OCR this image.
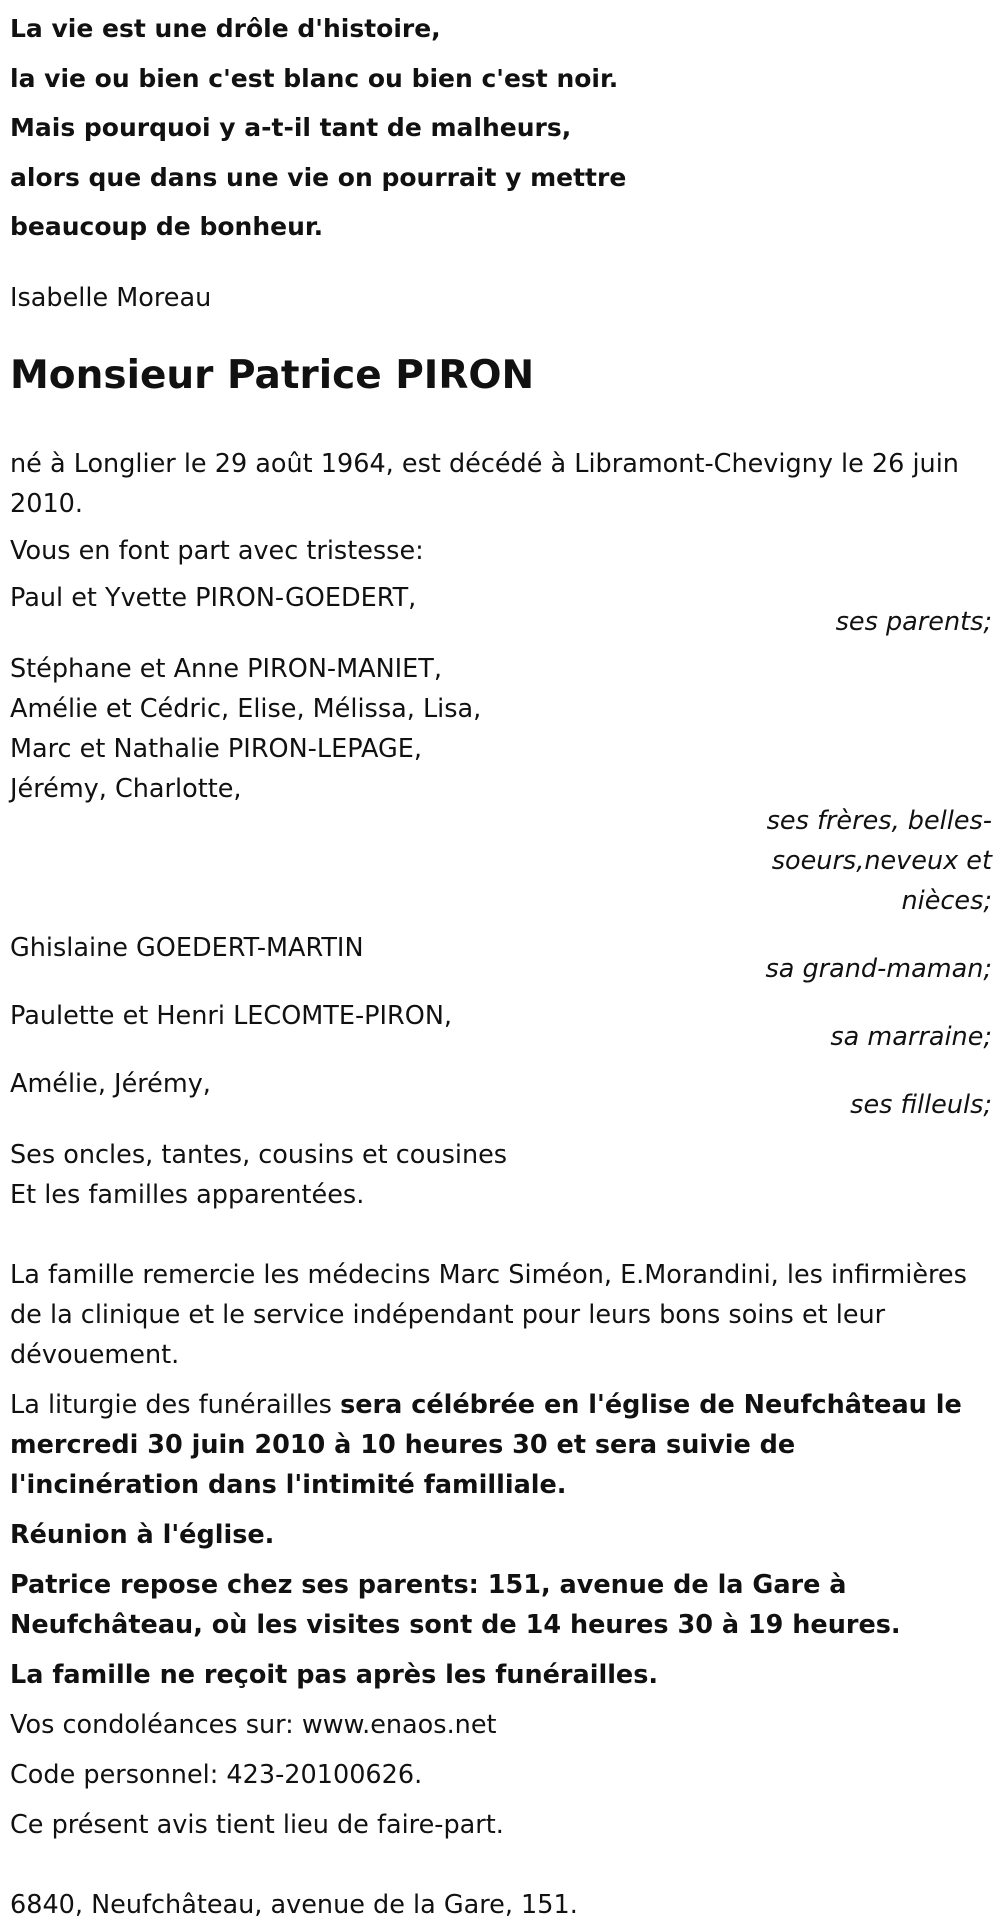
La vie est une drôle d'histoire,
la vie ou bien c'est blanc ou bien c'est noir.
Mais pourquoi y a-t-il tant de malheurs,
alors que dans une vie on pourrait y mettre
beaucoup de bonheur.
Isabelle Moreau
Monsieur Patrice PIRON
né à Longlier le 29 août 1964, est décédé à Libramont-Chevigny le 26 juin 2010.
Vous en font part avec tristesse:
Paul et Yvette PIRON-GOEDERT,
ses parents;
Stéphane et Anne PIRON-MANIET,
Amélie et Cédric, Elise, Mélissa, Lisa,
Marc et Nathalie PIRON-LEPAGE,
Jérémy, Charlotte,
ses frères, belles-soeurs,neveux et nièces;
Ghislaine GOEDERT-MARTIN
sa grand-maman;
Paulette et Henri LECOMTE-PIRON,
sa marraine;
Amélie, Jérémy,
ses filleuls;
Ses oncles, tantes, cousins et cousines
Et les familles apparentées.
La famille remercie les médecins Marc Siméon, E.Morandini, les infirmières de la clinique et le service indépendant pour leurs bons soins et leur dévouement.
La liturgie des funérailles sera célébrée en l'église de Neufchâteau le mercredi 30 juin 2010 à 10 heures 30 et sera suivie de l'incinération dans l'intimité familliale.
Réunion à l'église.
Patrice repose chez ses parents: 151, avenue de la Gare à Neufchâteau, où les visites sont de 14 heures 30 à 19 heures.
La famille ne reçoit pas après les funérailles.
Vos condoléances sur: www.enaos.net
Code personnel: 423-20100626.
Ce présent avis tient lieu de faire-part.
6840, Neufchâteau, avenue de la Gare, 151.
